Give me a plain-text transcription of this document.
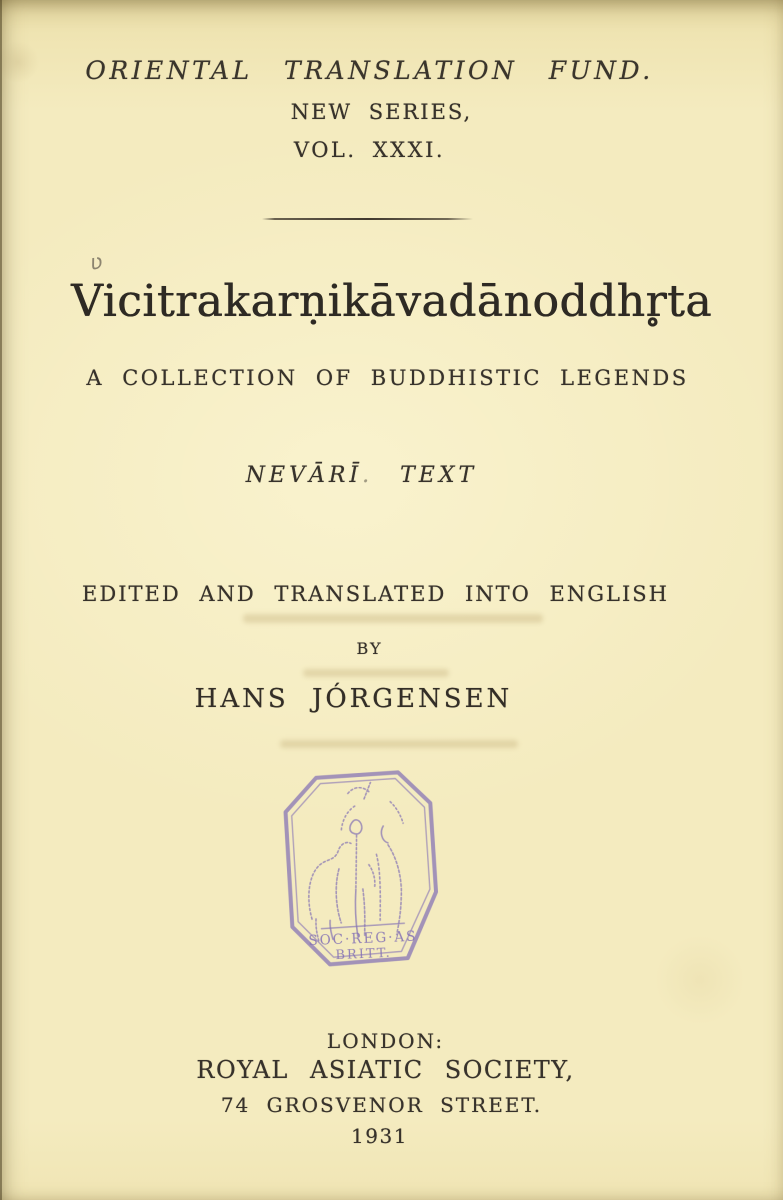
ORIENTAL TRANSLATION FUND.
NEW SERIES,
VOL. XXXI.
ʋ
Vicitrakarṇikāvadānoddhr̥ta
A COLLECTION OF BUDDHISTIC LEGENDS
NEVĀRĪ. TEXT
EDITED AND TRANSLATED INTO ENGLISH
BY
HANS JÓRGENSEN
SOC·REG·AS
BRITT.
LONDON:
ROYAL ASIATIC SOCIETY,
74 GROSVENOR STREET.
1931
